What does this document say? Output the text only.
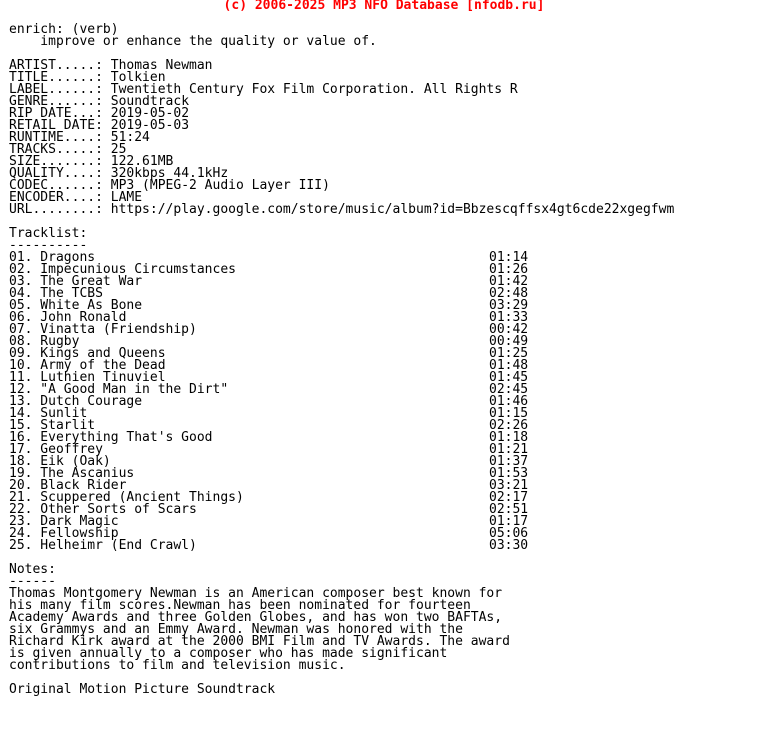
(c) 2006-2025 MP3 NFO Database [nfodb.ru]
enrich: (verb)
improve or enhance the quality or value of.
ARTIST.....: Thomas Newman
TITLE......: Tolkien
LABEL......: Twentieth Century Fox Film Corporation. All Rights R
GENRE......: Soundtrack
RIP DATE...: 2019-05-02
RETAIL DATE: 2019-05-03
RUNTIME....: 51:24
TRACKS.....: 25
SIZE.......: 122.61MB
QUALITY....: 320kbps 44.1kHz
CODEC......: MP3 (MPEG-2 Audio Layer III)
ENCODER....: LAME
URL........: https://play.google.com/store/music/album?id=Bbzescqffsx4gt6cde22xgegfwm
Tracklist:
----------
01. Dragons	01:14
02. Impecunious Circumstances	01:26
03. The Great War	01:42
04. The TCBS	02:48
05. White As Bone	03:29
06. John Ronald	01:33
07. Vinatta (Friendship)	00:42
08. Rugby	00:49
09. Kings and Queens	01:25
10. Army of the Dead	01:48
11. Luthien Tinuviel	01:45
12. "A Good Man in the Dirt"	02:45
13. Dutch Courage	01:46
14. Sunlit	01:15
15. Starlit	02:26
16. Everything That's Good	01:18
17. Geoffrey	01:21
18. Eik (Oak)	01:37
19. The Ascanius	01:53
20. Black Rider	03:21
21. Scuppered (Ancient Things)	02:17
22. Other Sorts of Scars	02:51
23. Dark Magic	01:17
24. Fellowship	05:06
25. Helheimr (End Crawl)	03:30
Notes:
------
Thomas Montgomery Newman is an American composer best known for
his many film scores.Newman has been nominated for fourteen
Academy Awards and three Golden Globes, and has won two BAFTAs,
six Grammys and an Emmy Award. Newman was honored with the
Richard Kirk award at the 2000 BMI Film and TV Awards. The award
is given annually to a composer who has made significant
contributions to film and television music.
Original Motion Picture Soundtrack
